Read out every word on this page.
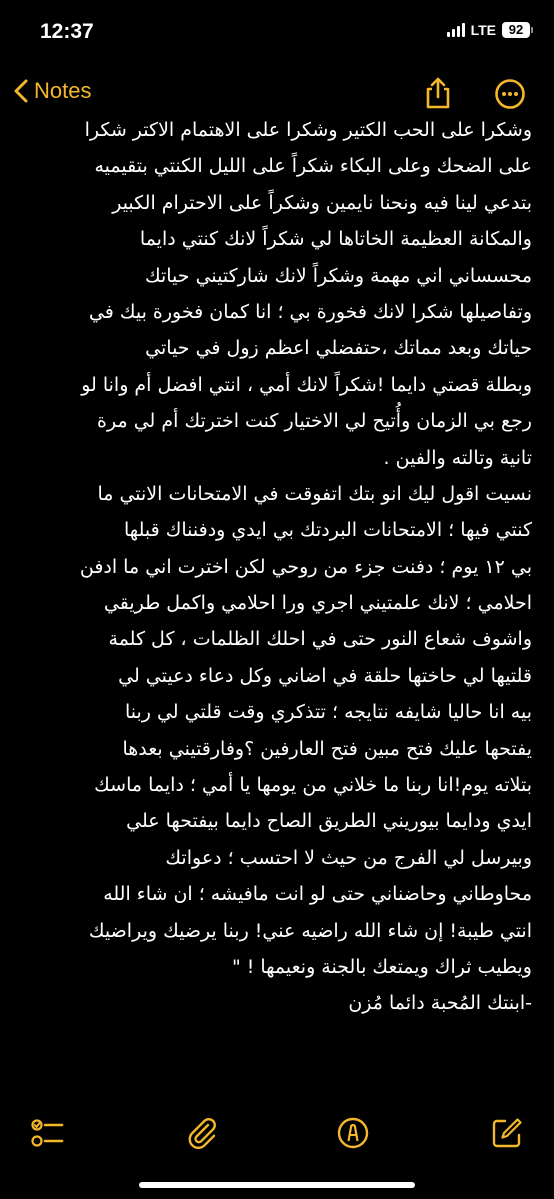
12:37	LTE 92

Notes
وشكرا على الحب الكتير وشكرا على الاهتمام الاكتر شكرا
على الضحك وعلى البكاء شكراً على الليل الكنتي بتقيميه
بتدعي لينا فيه ونحنا نايمين وشكراً على الاحترام الكبير
والمكانة العظيمة الخاتاها لي شكراً لانك كنتي دايما
محسساني اني مهمة وشكراً لانك شاركتيني حياتك
وتفاصيلها شكرا لانك فخورة بي ؛ انا كمان فخورة بيك في
حياتك وبعد مماتك ،حتفضلي اعظم زول في حياتي
وبطلة قصتي دايما !شكراً لانك أمي ، انتي افضل أم وانا لو
رجع بي الزمان وأُتيح لي الاختيار كنت اخترتك أم لي مرة
تانية وتالته والفين .
نسيت اقول ليك انو بتك اتفوقت في الامتحانات الانتي ما
كنتي فيها ؛ الامتحانات البردتك بي ايدي ودفنناك قبلها
بي ١٢ يوم ؛ دفنت جزء من روحي لكن اخترت اني ما ادفن
احلامي ؛ لانك علمتيني اجري ورا احلامي واكمل طريقي
واشوف شعاع النور حتى في احلك الظلمات ، كل كلمة
قلتيها لي حاختها حلقة في اضاني وكل دعاء دعيتي لي
بيه انا حاليا شايفه نتايجه ؛ تتذكري وقت قلتي لي ربنا
يفتحها عليك فتح مبين فتح العارفين ؟وفارقتيني بعدها
بتلاته يوم!انا ربنا ما خلاني من يومها يا أمي ؛ دايما ماسك
ايدي ودايما بيوريني الطريق الصاح دايما بيفتحها علي
وبيرسل لي الفرج من حيث لا احتسب ؛ دعواتك
محاوطاني وحاضناني حتى لو انت مافيشه ؛ ان شاء الله
انتي طيبة! إن شاء الله راضيه عني! ربنا يرضيك ويراضيك
ويطيب ثراك ويمتعك بالجنة ونعيمها ! "
-ابنتك المُحبة دائما مُزن
